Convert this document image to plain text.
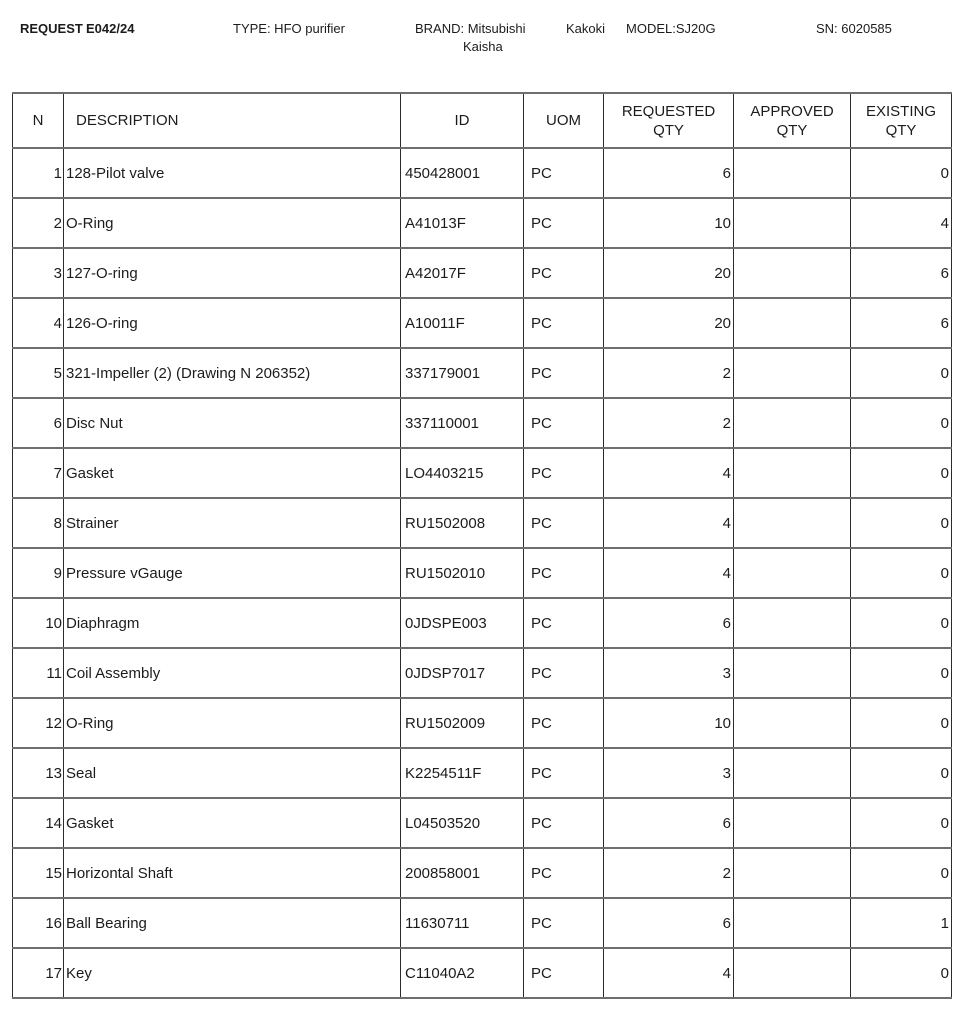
REQUEST E042/24	TYPE: HFO purifier	BRAND: Mitsubishi	Kakoki
Kaisha
MODEL:SJ20G	SN: 6020585
N	DESCRIPTION	ID	UOM	REQUESTED QTY	APPROVED QTY	EXISTING QTY
1	128-Pilot valve	450428001	PC	6		0
2	O-Ring	A41013F	PC	10		4
3	127-O-ring	A42017F	PC	20		6
4	126-O-ring	A10011F	PC	20		6
5	321-Impeller (2) (Drawing N 206352)	337179001	PC	2		0
6	Disc Nut	337110001	PC	2		0
7	Gasket	LO4403215	PC	4		0
8	Strainer	RU1502008	PC	4		0
9	Pressure vGauge	RU1502010	PC	4		0
10	Diaphragm	0JDSPE003	PC	6		0
11	Coil Assembly	0JDSP7017	PC	3		0
12	O-Ring	RU1502009	PC	10		0
13	Seal	K2254511F	PC	3		0
14	Gasket	L04503520	PC	6		0
15	Horizontal Shaft	200858001	PC	2		0
16	Ball Bearing	11630711	PC	6		1
17	Key	C11040A2	PC	4		0
